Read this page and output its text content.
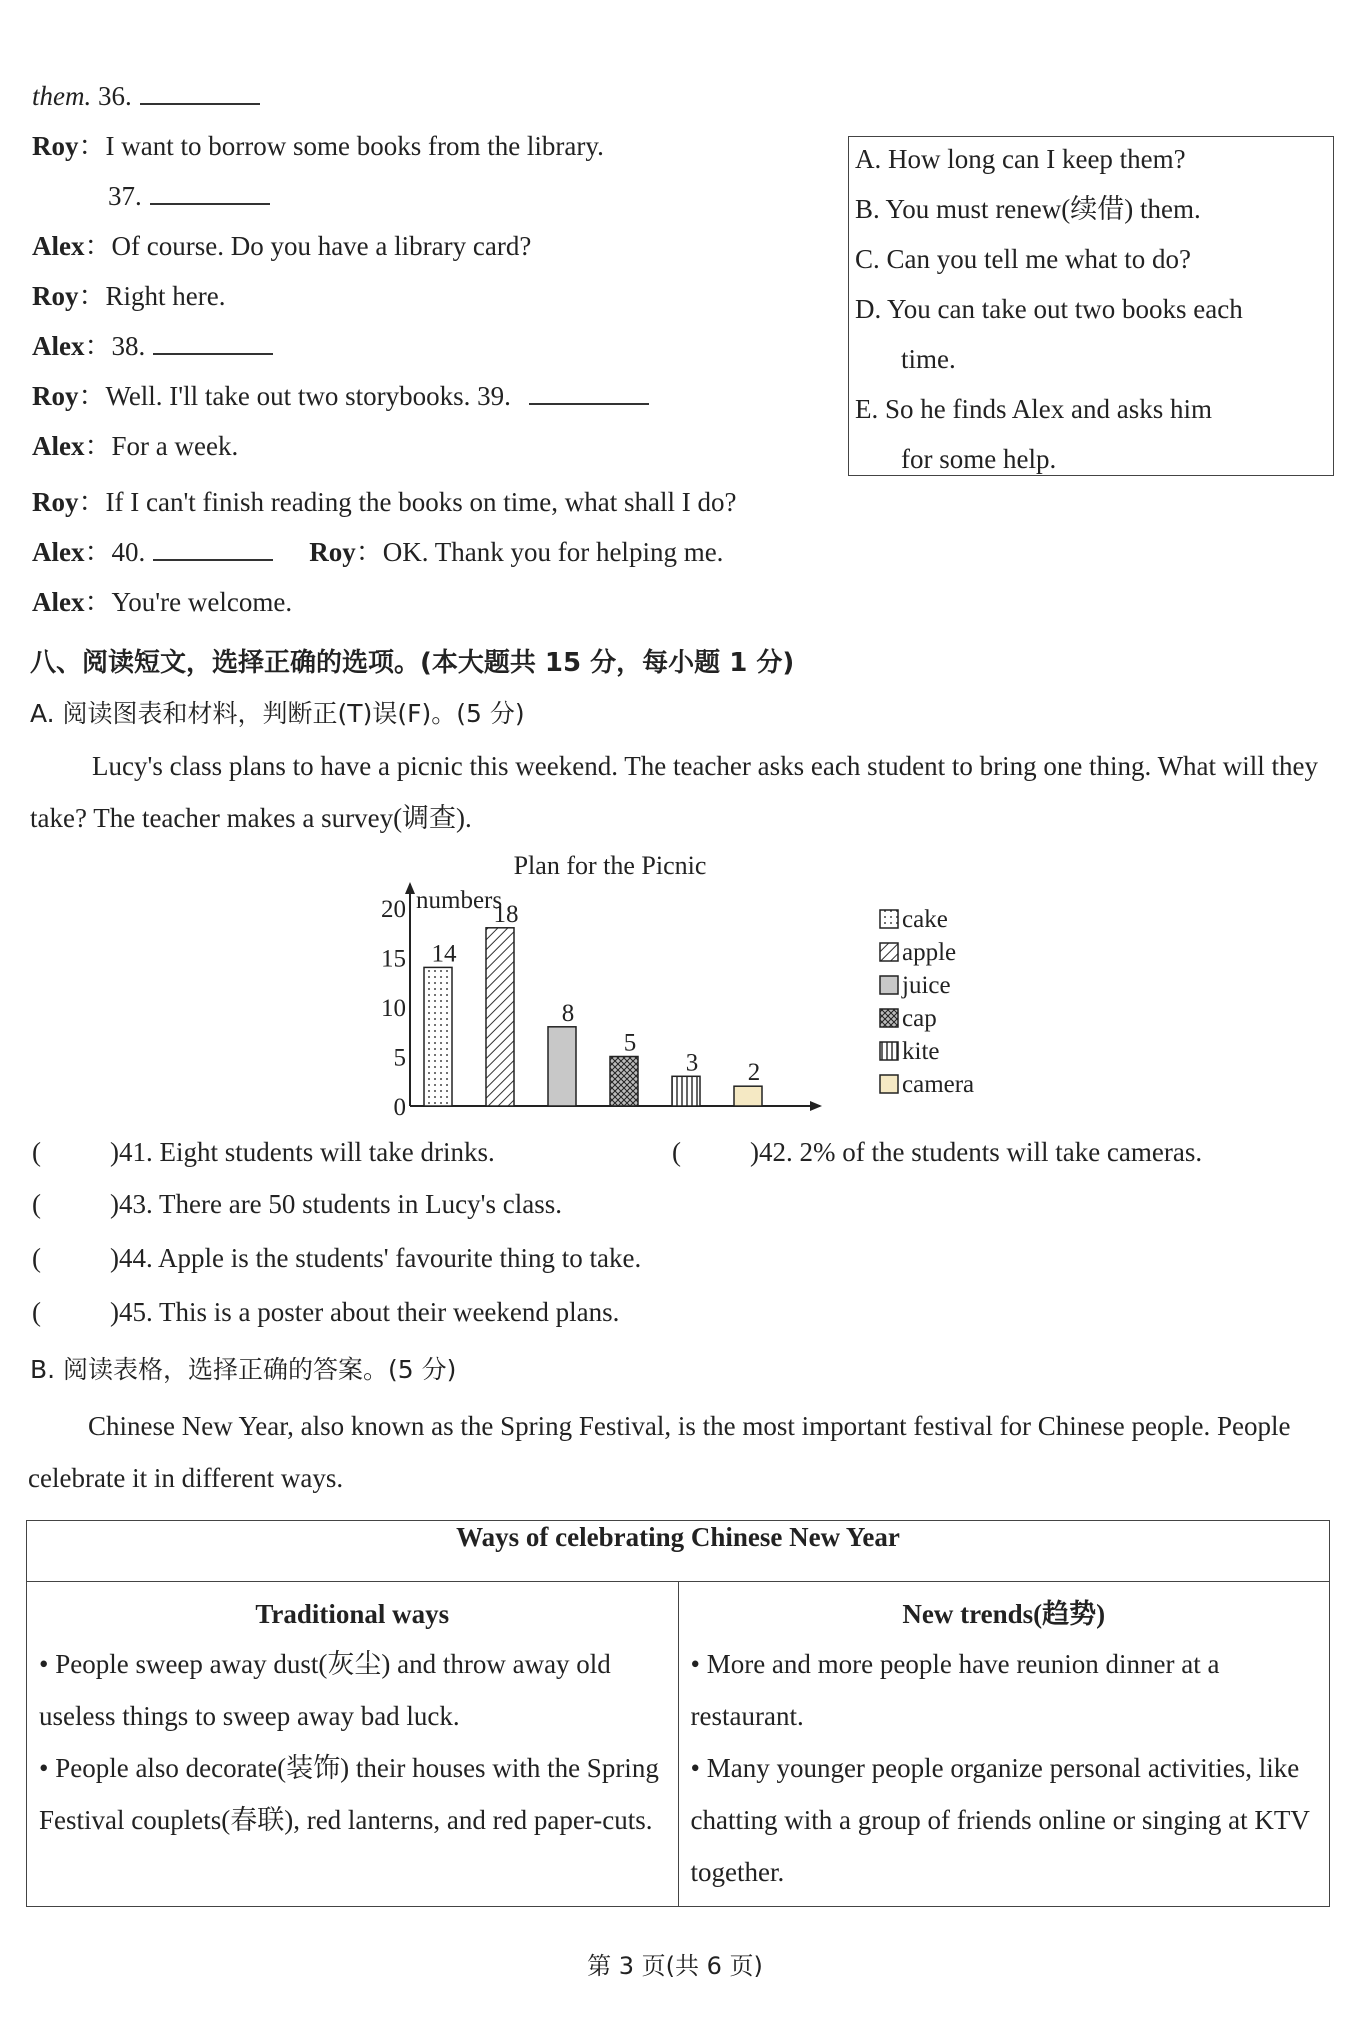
them. 36.
Roy：I want to borrow some books from the library.
37.
Alex：Of course. Do you have a library card?
Roy：Right here.
Alex：38.
Roy：Well. I'll take out two storybooks. 39.
Alex：For a week.
Roy：If I can't finish reading the books on time, what shall I do?
Alex：40.	Roy：OK. Thank you for helping me.
Alex：You're welcome.
A. How long can I keep them?
B. You must renew(续借) them.
C. Can you tell me what to do?
D. You can take out two books each
time.
E. So he finds Alex and asks him
for some help.
八、阅读短文，选择正确的选项。(本大题共 15 分，每小题 1 分)
A. 阅读图表和材料，判断正(T)误(F)。(5 分)
Lucy's class plans to have a picnic this weekend. The teacher asks each student to bring one thing. What will they take? The teacher makes a survey(调查).
Plan for the Picnic
numbers
0
5
10
15
20
14
18
8
5
3 2
cake
apple
juice
cap
kite
camera
(	)41. Eight students will take drinks.	(	)42. 2% of the students will take cameras.
(	)43. There are 50 students in Lucy's class.
(	)44. Apple is the students' favourite thing to take.
(	)45. This is a poster about their weekend plans.
B. 阅读表格，选择正确的答案。(5 分)
Chinese New Year, also known as the Spring Festival, is the most important festival for Chinese people. People celebrate it in different ways.
Ways of celebrating Chinese New Year

Traditional ways
• People sweep away dust(灰尘) and throw away old useless things to sweep away bad luck.
• People also decorate(装饰) their houses with the Spring Festival couplets(春联), red lanterns, and red paper-cuts.

New trends(趋势)
• More and more people have reunion dinner at a restaurant.
• Many younger people organize personal activities, like chatting with a group of friends online or singing at KTV together.
第 3 页(共 6 页)
